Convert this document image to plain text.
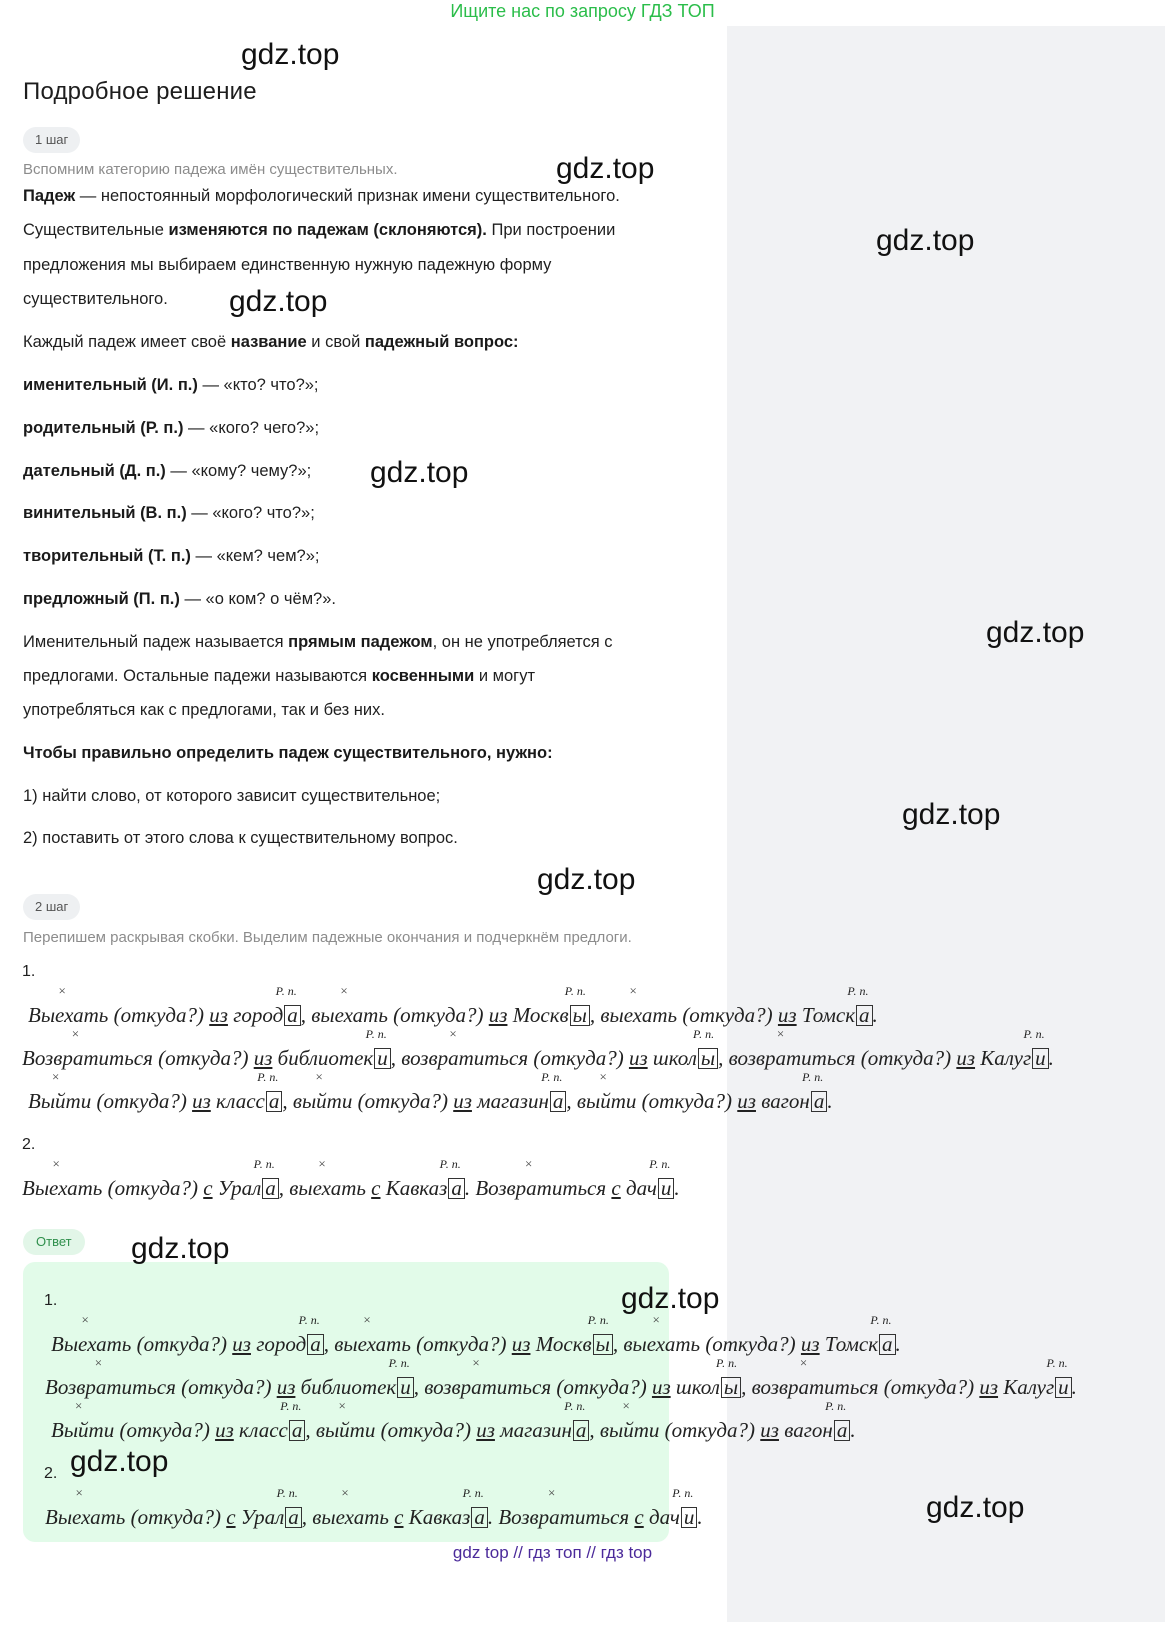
Ищите нас по запросу ГДЗ ТОП
Подробное решение
1 шаг
Вспомним категорию падежа имён существительных.
Падеж — непостоянный морфологический признак имени существительного.
Существительные изменяются по падежам (склоняются). При построении
предложения мы выбираем единственную нужную падежную форму
существительного.
Каждый падеж имеет своё название и свой падежный вопрос:
именительный (И. п.) — «кто? что?»;
родительный (Р. п.) — «кого? чего?»;
дательный (Д. п.) — «кому? чему?»;
винительный (В. п.) — «кого? что?»;
творительный (Т. п.) — «кем? чем?»;
предложный (П. п.) — «о ком? о чём?».
Именительный падеж называется прямым падежом, он не употребляется с
предлогами. Остальные падежи называются косвенными и могут
употребляться как с предлогами, так и без них.
Чтобы правильно определить падеж существительного, нужно:
1) найти слово, от которого зависит существительное;
2) поставить от этого слова к существительному вопрос.
2 шаг
Перепишем раскрывая скобки. Выделим падежные окончания и подчеркнём предлоги.
1.
2.
×
Выехать (откуда?) из
Р. п.
город а ,
×
выехать (откуда?) из
Р. п.
Москв ы ,
×
выехать (откуда?) из
Р. п.
Томск а .
×
Возвратиться (откуда?) из
Р. п.
библиотек и ,
×
возвратиться (откуда?) из
Р. п.
школ ы ,
×
возвратиться (откуда?) из
Р. п.
Калуг и .
×
Выйти (откуда?) из
Р. п.
класс а ,
×
выйти (откуда?) из
Р. п.
магазин а ,
×
выйти (откуда?) из
Р. п.
вагон а .
×
Выехать (откуда?) с
Р. п.
Урал а ,
×
выехать с
Р. п.
Кавказ а .
×
Возвратиться с
Р. п.
дач и .
Ответ
1.
2.
×
Выехать (откуда?) из
Р. п.
город а ,
×
выехать (откуда?) из
Р. п.
Москв ы ,
×
выехать (откуда?) из
Р. п.
Томск а .
×
Возвратиться (откуда?) из
Р. п.
библиотек и ,
×
возвратиться (откуда?) из
Р. п.
школ ы ,
×
возвратиться (откуда?) из
Р. п.
Калуг и .
×
Выйти (откуда?) из
Р. п.
класс а ,
×
выйти (откуда?) из
Р. п.
магазин а ,
×
выйти (откуда?) из
Р. п.
вагон а .
×
Выехать (откуда?) с
Р. п.
Урал а ,
×
выехать с
Р. п.
Кавказ а .
×
Возвратиться с
Р. п.
дач и .
gdz.top
gdz.top
gdz.top
gdz.top
gdz.top
gdz.top
gdz.top
gdz.top
gdz.top
gdz.top
gdz.top
gdz.top
gdz top // гдз топ // гдз top
